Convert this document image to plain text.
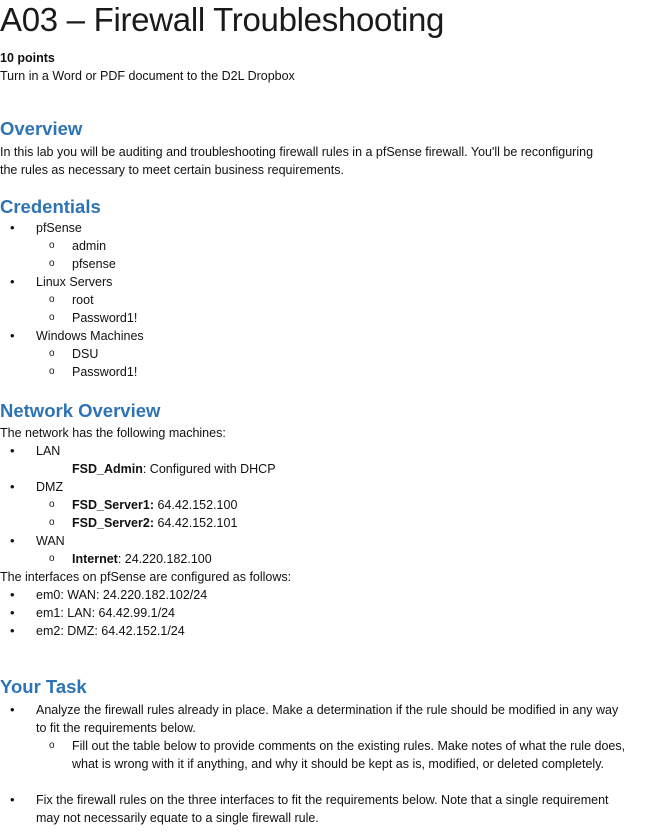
A03 – Firewall Troubleshooting
10 points
Turn in a Word or PDF document to the D2L Dropbox
Overview

In this lab you will be auditing and troubleshooting firewall rules in a pfSense firewall. You'll be reconfiguring the rules as necessary to meet certain business requirements.

Credentials
• pfSense
o admin
o pfsense
• Linux Servers
o root
o Password1!
• Windows Machines
o DSU
o Password1!
Network Overview
The network has the following machines:
• LAN
FSD_Admin: Configured with DHCP
• DMZ
o FSD_Server1: 64.42.152.100
o FSD_Server2: 64.42.152.101
• WAN
o Internet: 24.220.182.100
The interfaces on pfSense are configured as follows:
• em0: WAN: 24.220.182.102/24
• em1: LAN: 64.42.99.1/24
• em2: DMZ: 64.42.152.1/24
Your Task
• Analyze the firewall rules already in place. Make a determination if the rule should be modified in any way to fit the requirements below.
o Fill out the table below to provide comments on the existing rules. Make notes of what the rule does, what is wrong with it if anything, and why it should be kept as is, modified, or deleted completely.
• Fix the firewall rules on the three interfaces to fit the requirements below. Note that a single requirement may not necessarily equate to a single firewall rule.
